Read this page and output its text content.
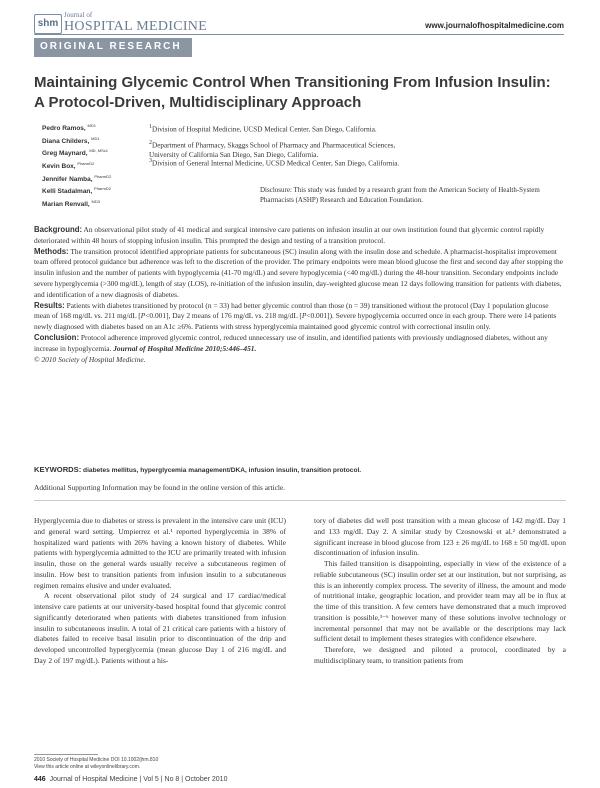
shm
Journal of
HOSPITAL MEDICINE	www.journalofhospitalmedicine.com
ORIGINAL RESEARCH
Maintaining Glycemic Control When Transitioning From Infusion Insulin: A Protocol-Driven, Multidisciplinary Approach
Pedro Ramos, $^{MD1}$
Diana Childers, $^{MD1}$
Greg Maynard, $^{MD, MSc1}$
Kevin Box, $^{PharmD2}$
Jennifer Namba, $^{PharmD2}$
Kelli Stadalman, $^{PharmD2}$
Marian Renvall, $^{MD3}$
$^1$Division of Hospital Medicine, UCSD Medical Center, San Diego, California.
$^2$Department of Pharmacy, Skaggs School of Pharmacy and Pharmaceutical Sciences,
University of California San Diego, San Diego, California.
$^3$Division of General Internal Medicine, UCSD Medical Center, San Diego, California.
Disclosure: This study was funded by a research grant from the American Society of Health-System Pharmacists (ASHP) Research and Education Foundation.

Background: An observational pilot study of 41 medical and surgical intensive care patients on infusion insulin at our own institution found that glycemic control rapidly deteriorated within 48 hours of stopping infusion insulin. This prompted the design and testing of a transition protocol.

Methods: The transition protocol identified appropriate patients for subcutaneous (SC) insulin along with the insulin dose and schedule. A pharmacist-hospitalist improvement team offered protocol guidance but adherence was left to the discretion of the provider. The primary endpoints were mean blood glucose the first and second day after stopping the insulin infusion and the number of patients with hypoglycemia (41-70 mg/dL) and severe hypoglycemia (<40 mg/dL) during the 48-hour transition. Secondary endpoints include severe hyperglycemia (>300 mg/dL), length of stay (LOS), re-initiation of the infusion insulin, day-weighted glucose mean 12 days following transition for patients with diabetes, and identification of a new diagnosis of diabetes.

Results: Patients with diabetes transitioned by protocol (n = 33) had better glycemic control than those (n = 39) transitioned without the protocol (Day 1 population glucose mean of 168 mg/dL vs. 211 mg/dL [P<0.001], Day 2 means of 176 mg/dL vs. 218 mg/dL [P<0.001]). Severe hypoglycemia occurred once in each group. There were 14 patients newly diagnosed with diabetes based on an A1c ≥6%. Patients with stress hyperglycemia maintained good glycemic control with correctional insulin only.

Conclusion: Protocol adherence improved glycemic control, reduced unnecessary use of insulin, and identified patients with previously undiagnosed diabetes, without any increase in hypoglycemia. Journal of Hospital Medicine 2010;5:446–451.

© 2010 Society of Hospital Medicine.

KEYWORDS: diabetes mellitus, hyperglycemia management/DKA, infusion insulin, transition protocol.
Additional Supporting Information may be found in the online version of this article.

Hyperglycemia due to diabetes or stress is prevalent in the intensive care unit (ICU) and general ward setting. Umpierrez et al.¹ reported hyperglycemia in 38% of hospitalized ward patients with 26% having a known history of diabetes. While patients with hyperglycemia admitted to the ICU are primarily treated with infusion insulin, those on the general wards usually receive a subcutaneous regimen of insulin. How best to transition patients from infusion insulin to a subcutaneous regimen remains elusive and under evaluated.

A recent observational pilot study of 24 surgical and 17 cardiac/medical intensive care patients at our university-based hospital found that glycemic control significantly deteriorated when patients with diabetes transitioned from infusion insulin to subcutaneous insulin. A total of 21 critical care patients with a history of diabetes failed to receive basal insulin prior to discontinuation of the drip and developed uncontrolled hyperglycemia (mean glucose Day 1 of 216 mg/dL and Day 2 of 197 mg/dL). Patients without a his-

tory of diabetes did well post transition with a mean glucose of 142 mg/dL Day 1 and 133 mg/dL Day 2. A similar study by Czosnowski et al.² demonstrated a significant increase in blood glucose from 123 ± 26 mg/dL to 168 ± 50 mg/dL upon discontinuation of infusion insulin.

This failed transition is disappointing, especially in view of the existence of a reliable subcutaneous (SC) insulin order set at our institution, but not surprising, as this is an inherently complex process. The severity of illness, the amount and mode of nutritional intake, geographic location, and provider team may all be in flux at the time of this transition. A few centers have demonstrated that a much improved transition is possible,³⁻⁶ however many of these solutions involve technology or incremental personnel that may not be available or the descriptions may lack sufficient detail to implement theses strategies with confidence elsewhere.

Therefore, we designed and piloted a protocol, coordinated by a multidisciplinary team, to transition patients from

2010 Society of Hospital Medicine DOI 10.1002/jhm.810
View this article online at wileyonlinelibrary.com.
446 Journal of Hospital Medicine | Vol 5 | No 8 | October 2010
